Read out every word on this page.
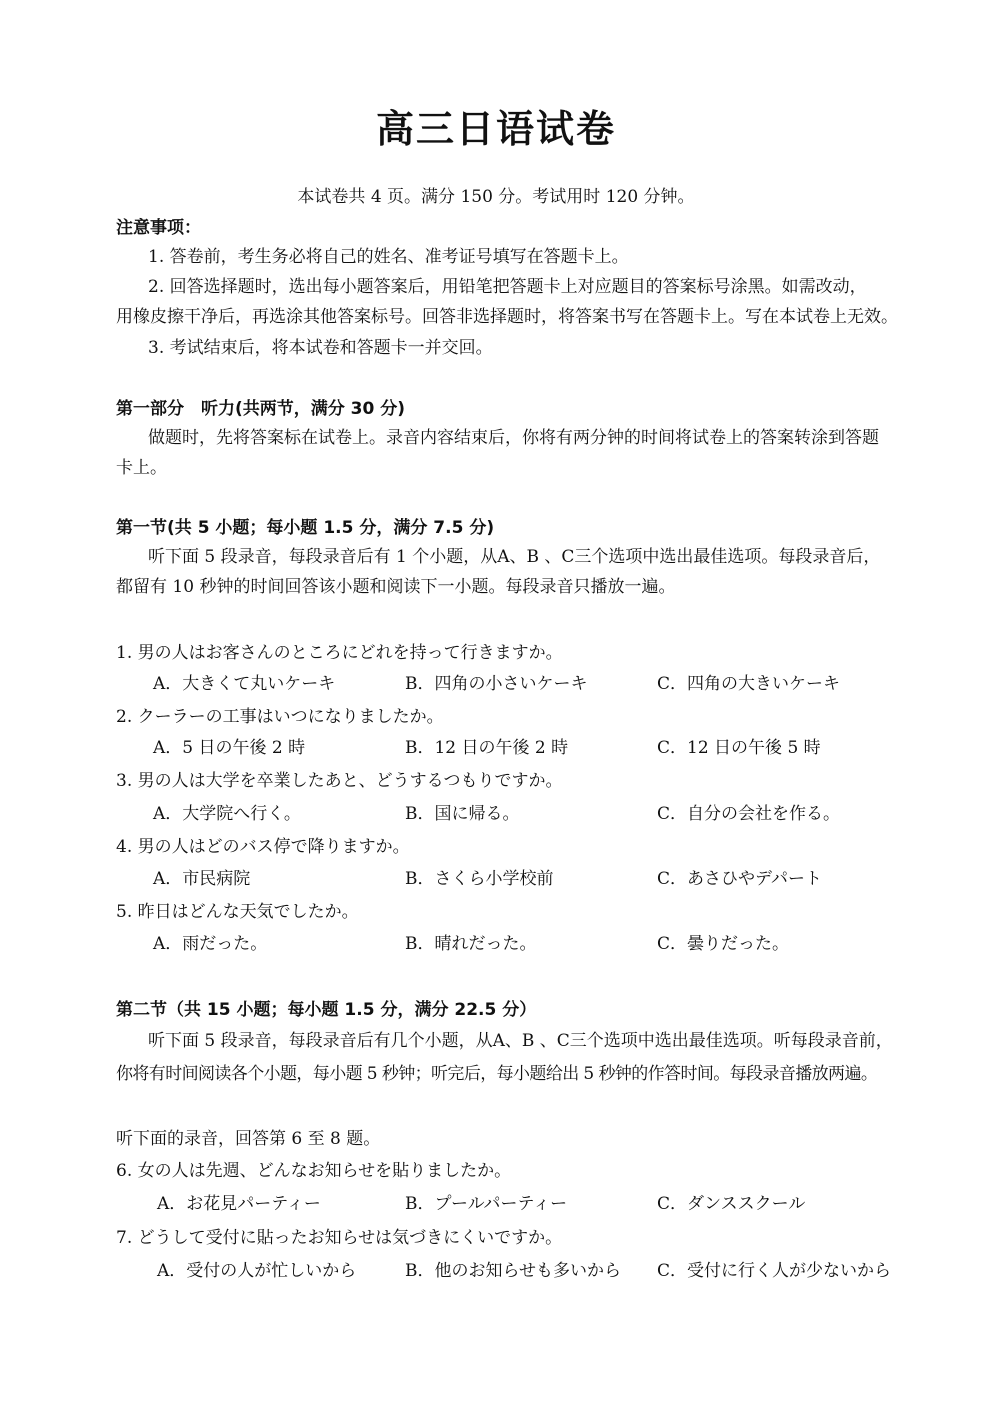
高三日语试卷
本试卷共 4 页。满分 150 分。考试用时 120 分钟。
注意事项：
1. 答卷前，考生务必将自己的姓名、准考证号填写在答题卡上。
2. 回答选择题时，选出每小题答案后，用铅笔把答题卡上对应题目的答案标号涂黑。如需改动，
用橡皮擦干净后，再选涂其他答案标号。回答非选择题时，将答案书写在答题卡上。写在本试卷上无效。
3. 考试结束后，将本试卷和答题卡一并交回。
第一部分　听力(共两节，满分 30 分)
做题时，先将答案标在试卷上。录音内容结束后，你将有两分钟的时间将试卷上的答案转涂到答题
卡上。
第一节(共 5 小题；每小题 1.5 分，满分 7.5 分)
听下面 5 段录音，每段录音后有 1 个小题，从A、B 、C三个选项中选出最佳选项。每段录音后，
都留有 10 秒钟的时间回答该小题和阅读下一小题。每段录音只播放一遍。
1. 男の人はお客さんのところにどれを持って行きますか。
A．大きくて丸いケーキ	B．四角の小さいケーキ	C．四角の大きいケーキ
2. クーラーの工事はいつになりましたか。
A．5 日の午後 2 時	B．12 日の午後 2 時	C．12 日の午後 5 時
3. 男の人は大学を卒業したあと、どうするつもりですか。
A．大学院へ行く。	B．国に帰る。	C．自分の会社を作る。
4. 男の人はどのバス停で降りますか。
A．市民病院	B．さくら小学校前	C．あさひやデパート
5. 昨日はどんな天気でしたか。
A．雨だった。	B．晴れだった。	C．曇りだった。
第二节（共 15 小题；每小题 1.5 分，满分 22.5 分）
听下面 5 段录音，每段录音后有几个小题，从A、B 、C三个选项中选出最佳选项。听每段录音前，
你将有时间阅读各个小题，每小题 5 秒钟；听完后，每小题给出 5 秒钟的作答时间。每段录音播放两遍。
听下面的录音，回答第 6 至 8 题。
6. 女の人は先週、どんなお知らせを貼りましたか。
A．お花見パーティー	B．プールパーティー	C．ダンススクール
7. どうして受付に貼ったお知らせは気づきにくいですか。
A．受付の人が忙しいから	B．他のお知らせも多いから C．受付に行く人が少ないから
